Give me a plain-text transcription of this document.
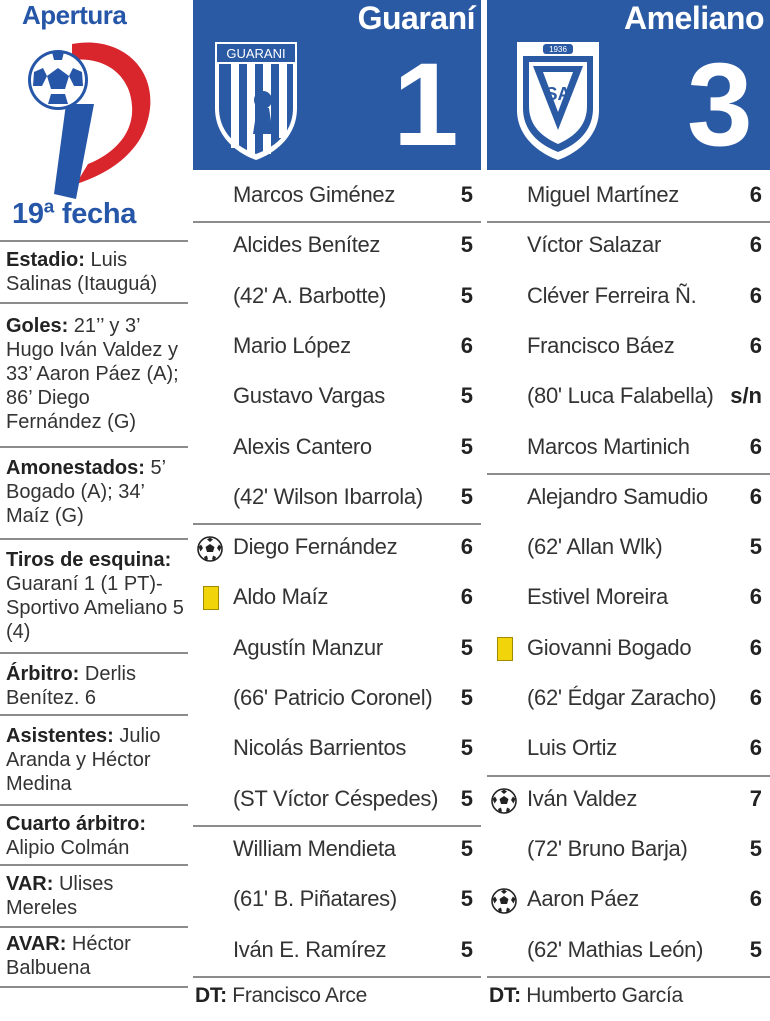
Apertura
19ª fecha
Estadio: Luis Salinas (Itauguá)
Goles: 21’’ y 3’ Hugo Iván Valdez y 33’ Aaron Páez (A); 86’ Diego Fernández (G)
Amonestados: 5’ Bogado (A); 34’ Maíz (G)
Tiros de esquina: Guaraní 1 (1 PT)-Sportivo Ameliano 5 (4)
Árbitro: Derlis Benítez. 6
Asistentes: Julio Aranda y Héctor Medina
Cuarto árbitro: Alipio Colmán
VAR: Ulises Mereles
AVAR: Héctor Balbuena
Guaraní
GUARANI 1
Marcos Giménez	5
Alcides Benítez	5
(42' A. Barbotte)	5
Mario López	6
Gustavo Vargas	5
Alexis Cantero	5
(42' Wilson Ibarrola) 5
Diego Fernández	6
Aldo Maíz	6
Agustín Manzur	5
(66' Patricio Coronel) 5
Nicolás Barrientos 5
(ST Víctor Céspedes) 5
William Mendieta	5
(61' B. Piñatares)	5
Iván E. Ramírez	5
DT: Francisco Arce
Ameliano
SA
1936 3
Miguel Martínez	6
Víctor Salazar	6
Cléver Ferreira Ñ. 6
Francisco Báez	6
(80' Luca Falabella) s/n
Marcos Martinich	6
Alejandro Samudio 6
(62' Allan Wlk)	5
Estivel Moreira	6
Giovanni Bogado	6
(62' Édgar Zaracho) 6
Luis Ortiz	6
Iván Valdez	7
(72' Bruno Barja)	5
Aaron Páez	6
(62' Mathias León) 5
DT: Humberto García
